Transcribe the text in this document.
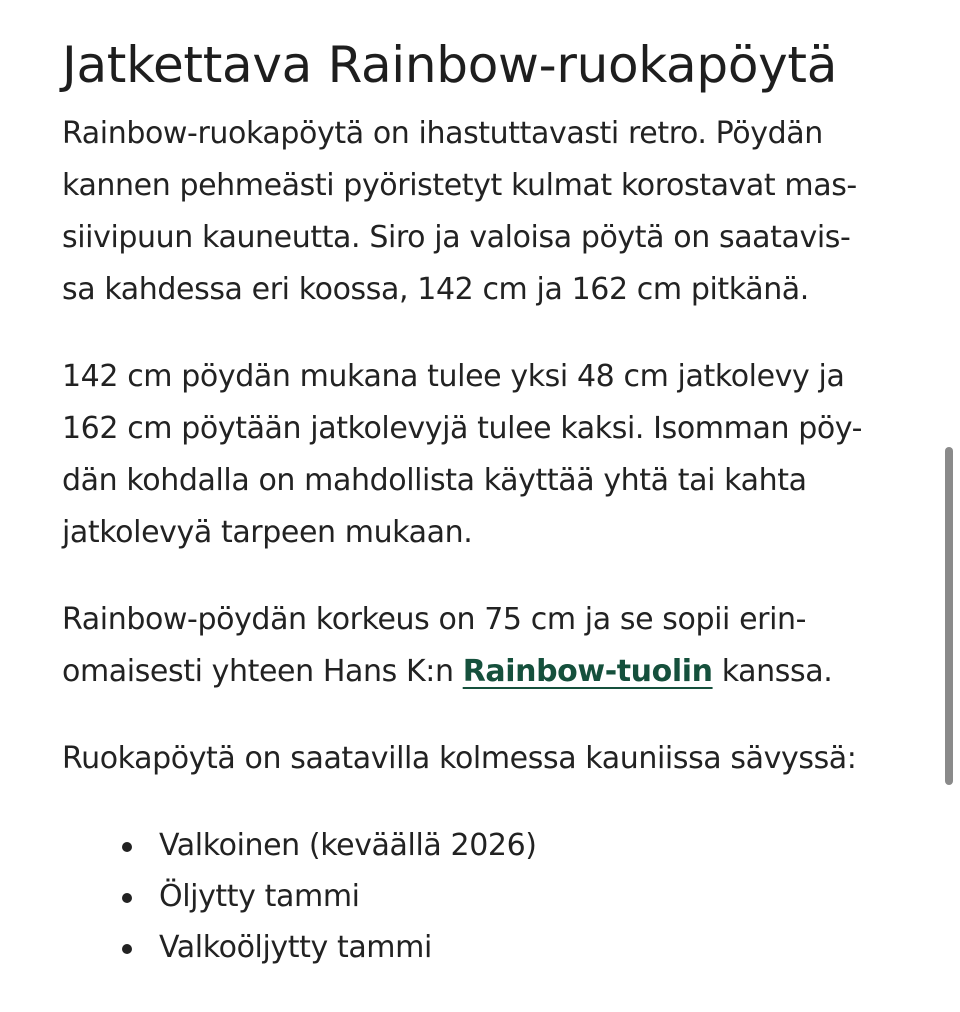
Jatkettava Rainbow-ruokapöytä

Rainbow-ruokapöytä on ihastuttavasti retro. Pöydän
kannen pehmeästi pyöristetyt kulmat korostavat mas-
siivipuun kauneutta. Siro ja valoisa pöytä on saatavis-
sa kahdessa eri koossa, 142 cm ja 162 cm pitkänä.

142 cm pöydän mukana tulee yksi 48 cm jatkolevy ja
162 cm pöytään jatkolevyjä tulee kaksi. Isomman pöy-
dän kohdalla on mahdollista käyttää yhtä tai kahta
jatkolevyä tarpeen mukaan.

Rainbow-pöydän korkeus on 75 cm ja se sopii erin-
omaisesti yhteen Hans K:n Rainbow-tuolin kanssa.

Ruokapöytä on saatavilla kolmessa kauniissa sävyssä:

Valkoinen (keväällä 2026)
Öljytty tammi
Valkoöljytty tammi
